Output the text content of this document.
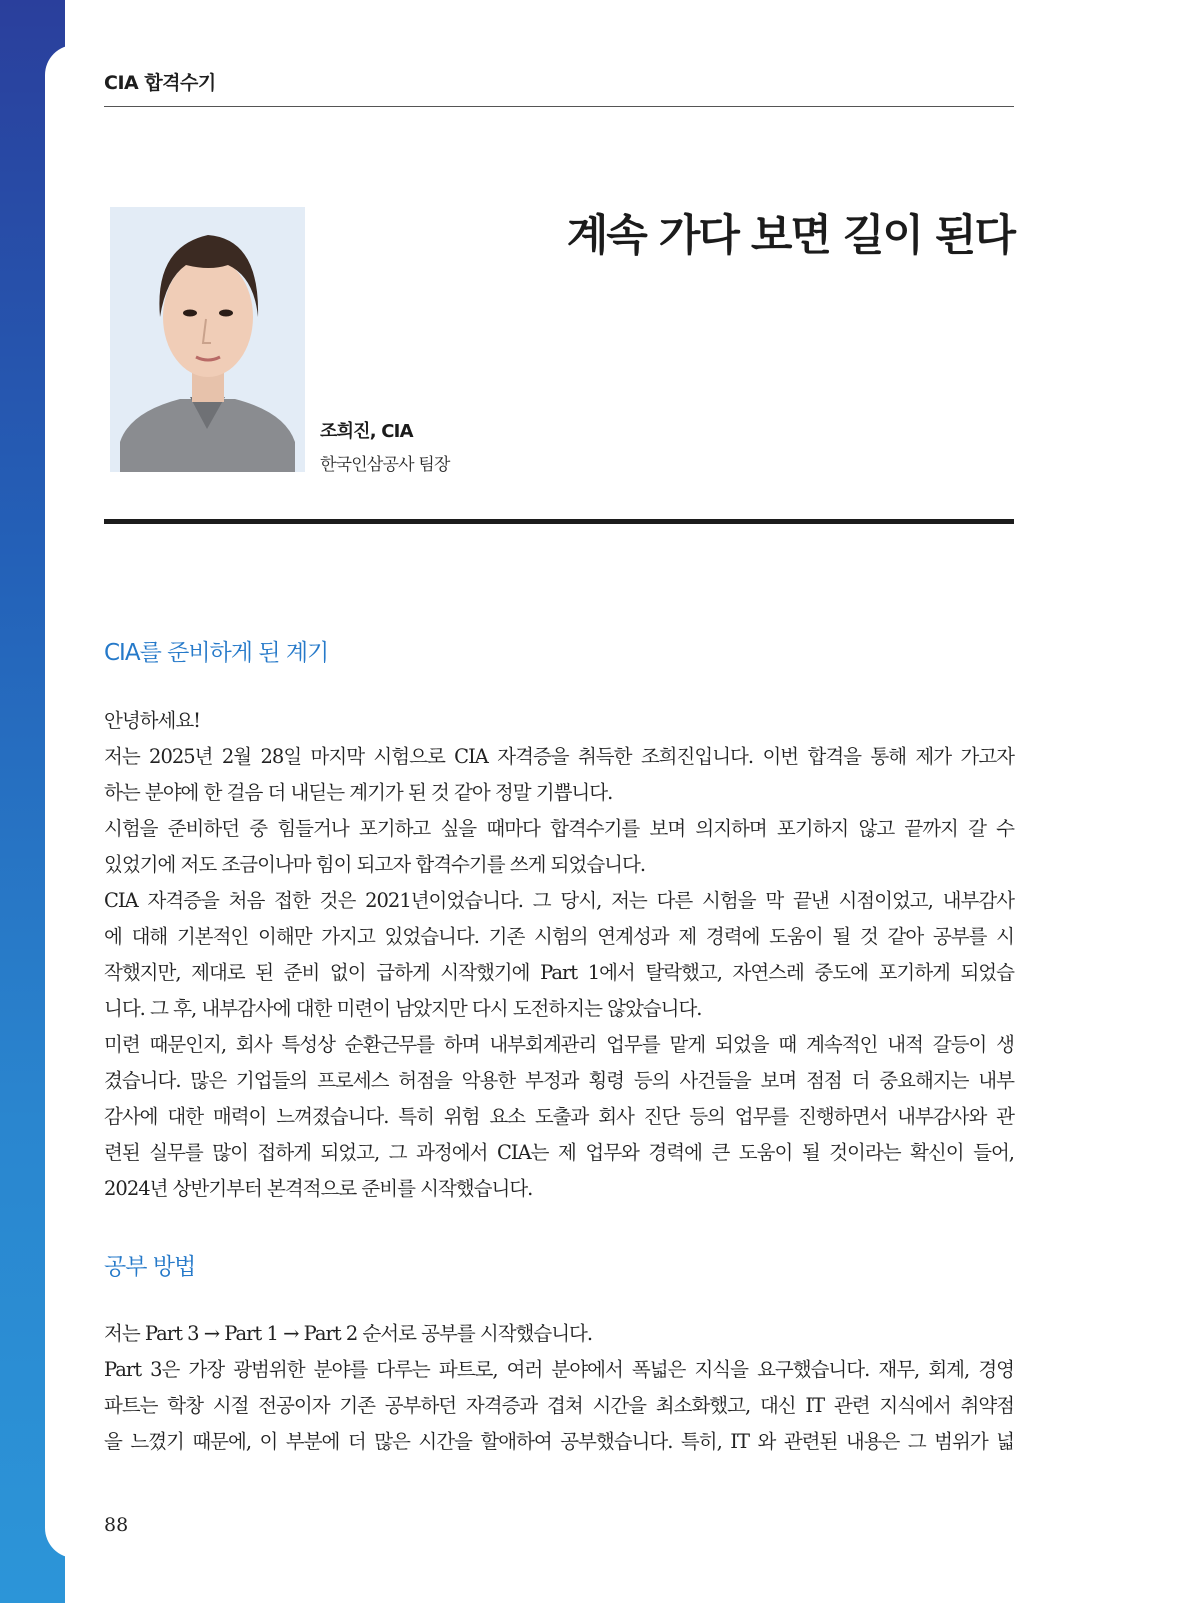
CIA 합격수기
계속 가다 보면 길이 된다
조희진, CIA
한국인삼공사 팀장
CIA를 준비하게 된 계기
안녕하세요!
저는 2025년 2월 28일 마지막 시험으로 CIA 자격증을 취득한 조희진입니다. 이번 합격을 통해 제가 가고자
하는 분야에 한 걸음 더 내딛는 계기가 된 것 같아 정말 기쁩니다.
시험을 준비하던 중 힘들거나 포기하고 싶을 때마다 합격수기를 보며 의지하며 포기하지 않고 끝까지 갈 수
있었기에 저도 조금이나마 힘이 되고자 합격수기를 쓰게 되었습니다.
CIA 자격증을 처음 접한 것은 2021년이었습니다. 그 당시, 저는 다른 시험을 막 끝낸 시점이었고, 내부감사
에 대해 기본적인 이해만 가지고 있었습니다. 기존 시험의 연계성과 제 경력에 도움이 될 것 같아 공부를 시
작했지만, 제대로 된 준비 없이 급하게 시작했기에 Part 1에서 탈락했고, 자연스레 중도에 포기하게 되었습
니다. 그 후, 내부감사에 대한 미련이 남았지만 다시 도전하지는 않았습니다.
미련 때문인지, 회사 특성상 순환근무를 하며 내부회계관리 업무를 맡게 되었을 때 계속적인 내적 갈등이 생
겼습니다. 많은 기업들의 프로세스 허점을 악용한 부정과 횡령 등의 사건들을 보며 점점 더 중요해지는 내부
감사에 대한 매력이 느껴졌습니다. 특히 위험 요소 도출과 회사 진단 등의 업무를 진행하면서 내부감사와 관
련된 실무를 많이 접하게 되었고, 그 과정에서 CIA는 제 업무와 경력에 큰 도움이 될 것이라는 확신이 들어,
2024년 상반기부터 본격적으로 준비를 시작했습니다.
공부 방법
저는 Part 3 → Part 1 → Part 2 순서로 공부를 시작했습니다.
Part 3은 가장 광범위한 분야를 다루는 파트로, 여러 분야에서 폭넓은 지식을 요구했습니다. 재무, 회계, 경영
파트는 학창 시절 전공이자 기존 공부하던 자격증과 겹쳐 시간을 최소화했고, 대신 IT 관련 지식에서 취약점
을 느꼈기 때문에, 이 부분에 더 많은 시간을 할애하여 공부했습니다. 특히, IT 와 관련된 내용은 그 범위가 넓
88
